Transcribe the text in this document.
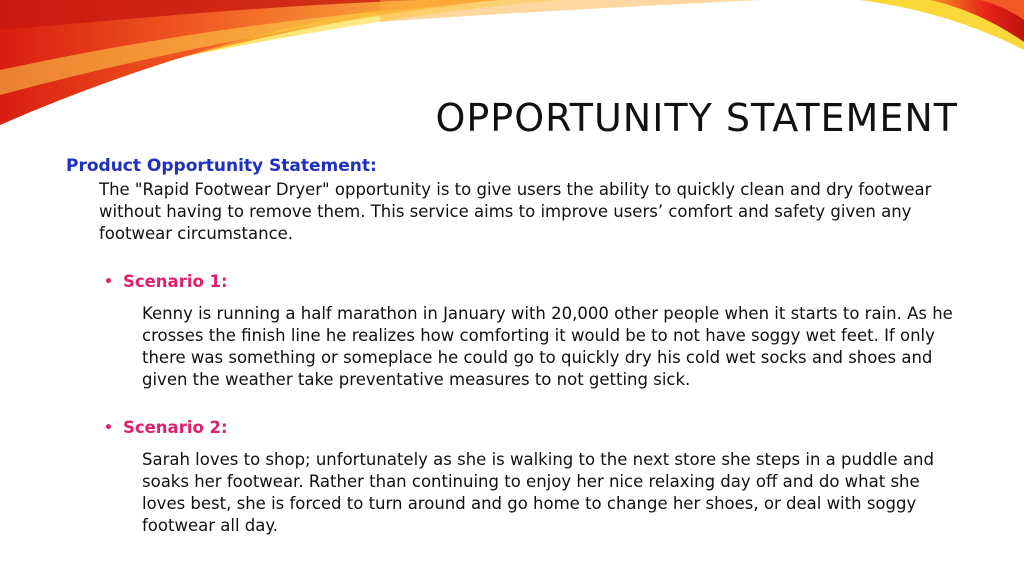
OPPORTUNITY STATEMENT
Product Opportunity Statement:
The "Rapid Footwear Dryer" opportunity is to give users the ability to quickly clean and dry footwear without having to remove them. This service aims to improve users’ comfort and safety given any footwear circumstance.
• Scenario 1:
Kenny is running a half marathon in January with 20,000 other people when it starts to rain. As he crosses the finish line he realizes how comforting it would be to not have soggy wet feet. If only there was something or someplace he could go to quickly dry his cold wet socks and shoes and given the weather take preventative measures to not getting sick.
• Scenario 2:
Sarah loves to shop; unfortunately as she is walking to the next store she steps in a puddle and soaks her footwear. Rather than continuing to enjoy her nice relaxing day off and do what she loves best, she is forced to turn around and go home to change her shoes, or deal with soggy footwear all day.
